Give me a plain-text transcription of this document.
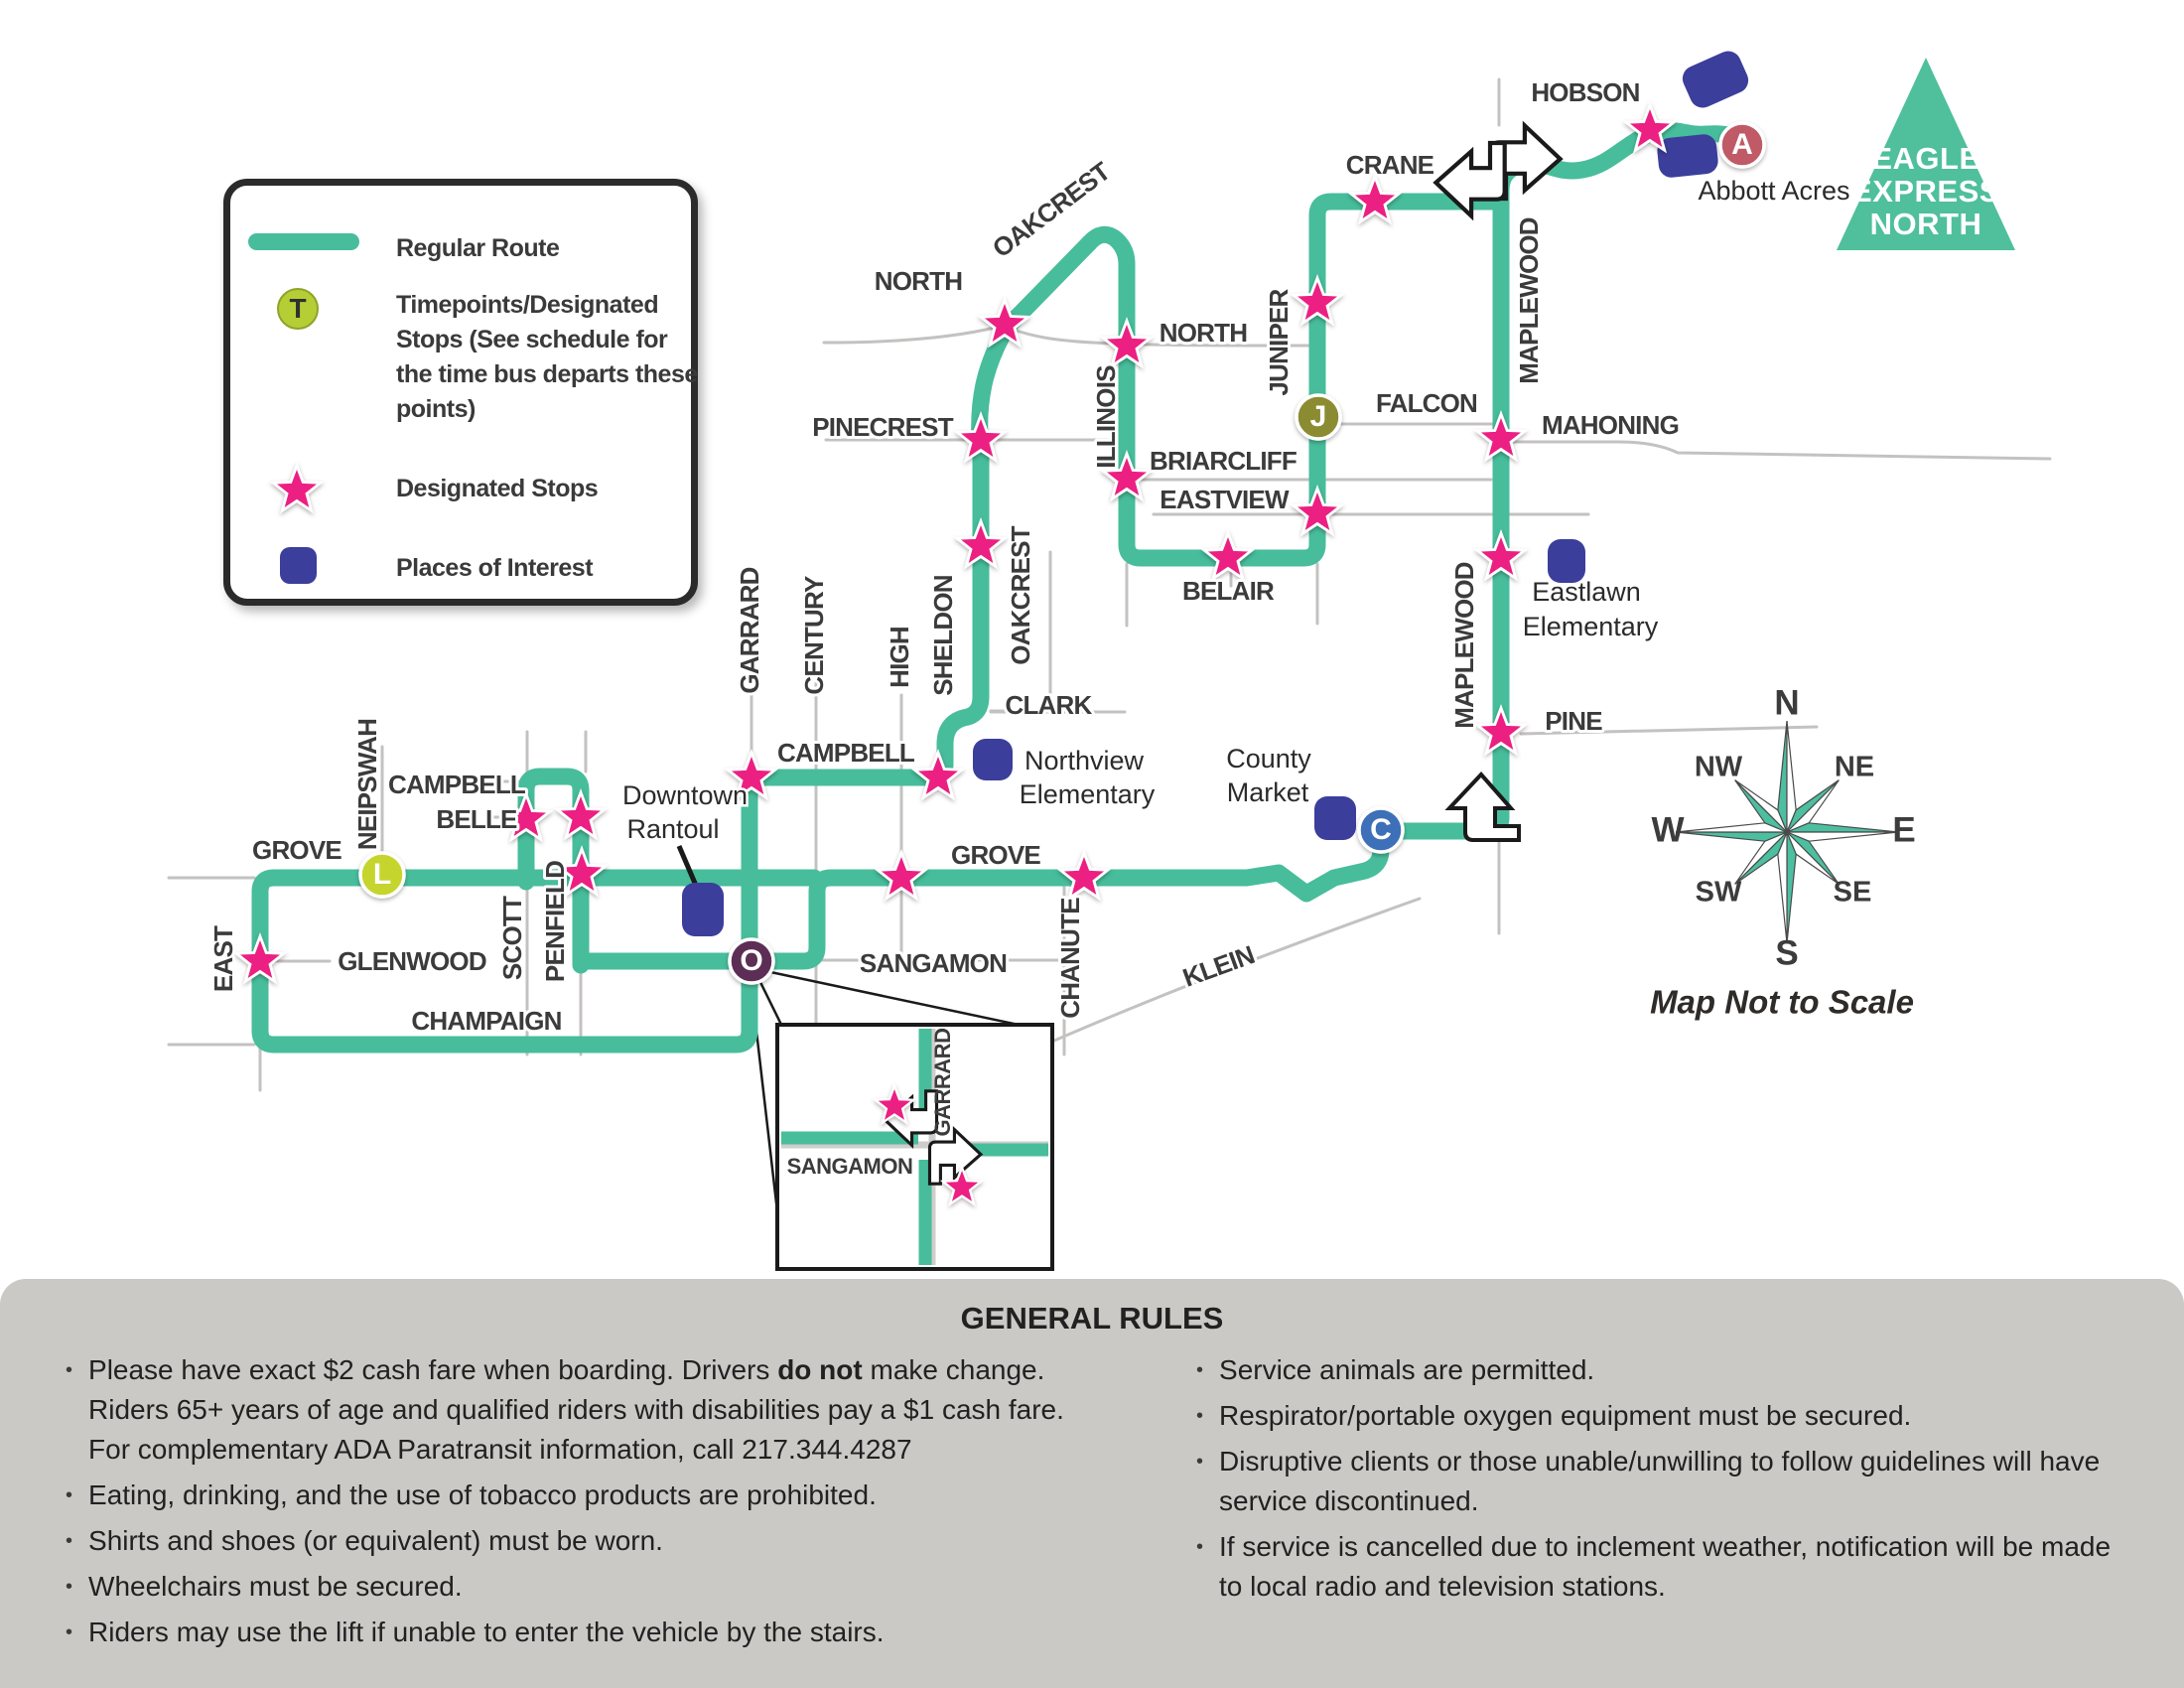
A
J
L
O
C
HOBSON
CRANE
NORTH
OAKCREST
NORTH
ILLINOIS
JUNIPER	MAPLEWOOD
FALCON
MAHONING
PINECREST
BRIARCLIFF
EASTVIEW
BELAIR
OAKCREST	MAPLEWOOD	PINE
GARRARD CENTURY HIGH SHELDON
CLARK
CAMPBELL
NEIPSWAH CAMPBELL
BELLE
GROVE
SCOTT PENFIELD
GROVE
EAST	GLENWOOD	SANGAMON CHANUTE	KLEIN
CHAMPAIGN
Abbott Acres
Eastlawn
Elementary
Northview
Elementary
County
Market
Downtown
Rantoul
GARRARD
SANGAMON
EAGLE
EXPRESS
NORTH
N
NE
E
SE
S
SW
W
NW
Map Not to Scale
Regular Route
T	Timepoints/Designated Stops (See schedule for the time bus departs these points)
Designated Stops
Places of Interest
GENERAL RULES
• Please have exact $2 cash fare when boarding. Drivers do not make change. Riders 65+ years of age and qualified riders with disabilities pay a $1 cash fare. For complementary ADA Paratransit information, call 217.344.4287

• Eating, drinking, and the use of tobacco products are prohibited.

• Shirts and shoes (or equivalent) must be worn.

• Wheelchairs must be secured.

• Riders may use the lift if unable to enter the vehicle by the stairs.

• Service animals are permitted.

• Respirator/portable oxygen equipment must be secured.

• Disruptive clients or those unable/unwilling to follow guidelines will have service discontinued.

• If service is cancelled due to inclement weather, notification will be made to local radio and television stations.
